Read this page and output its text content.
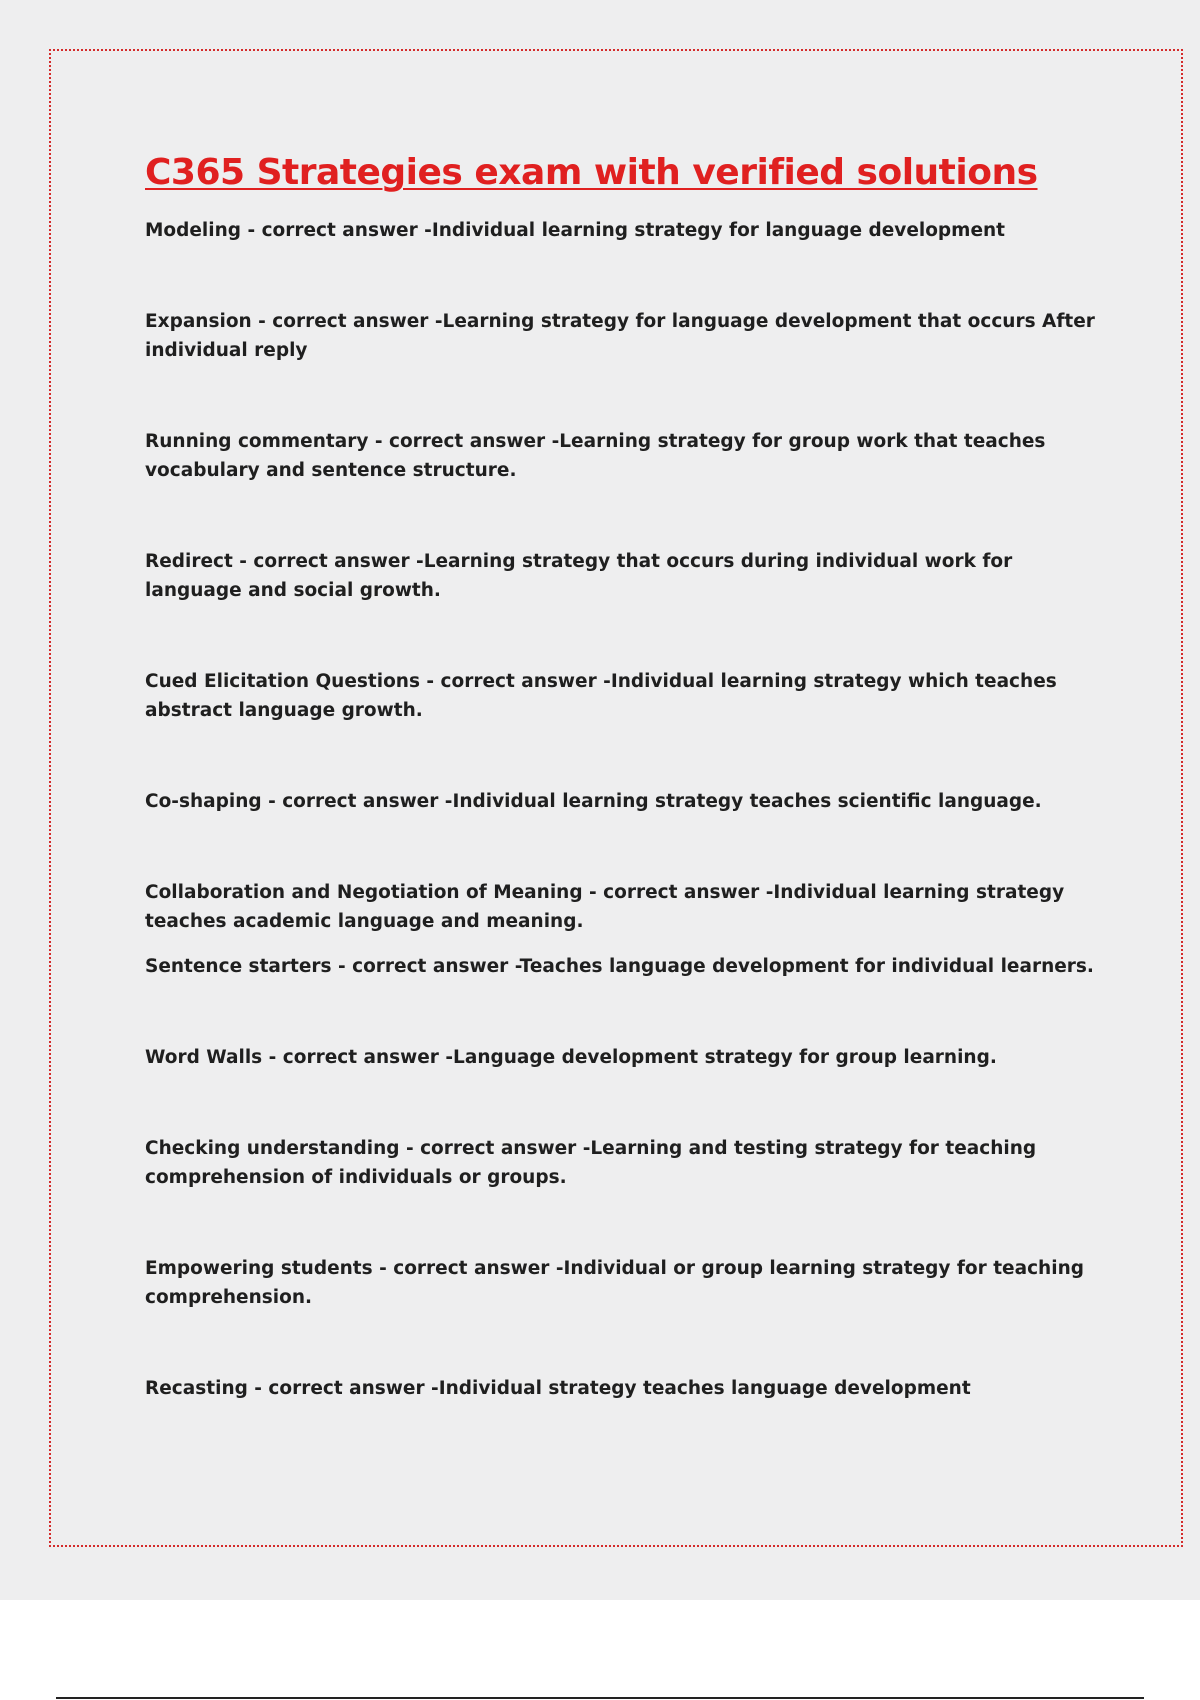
C365 Strategies exam with verified solutions

Modeling - correct answer -Individual learning strategy for language development

Expansion - correct answer -Learning strategy for language development that occurs After individual reply

Running commentary - correct answer -Learning strategy for group work that teaches vocabulary and sentence structure.

Redirect - correct answer -Learning strategy that occurs during individual work for language and social growth.

Cued Elicitation Questions - correct answer -Individual learning strategy which teaches abstract language growth.

Co-shaping - correct answer -Individual learning strategy teaches scientific language.

Collaboration and Negotiation of Meaning - correct answer -Individual learning strategy teaches academic language and meaning.

Sentence starters - correct answer -Teaches language development for individual learners.

Word Walls - correct answer -Language development strategy for group learning.

Checking understanding - correct answer -Learning and testing strategy for teaching comprehension of individuals or groups.

Empowering students - correct answer -Individual or group learning strategy for teaching comprehension.

Recasting - correct answer -Individual strategy teaches language development
